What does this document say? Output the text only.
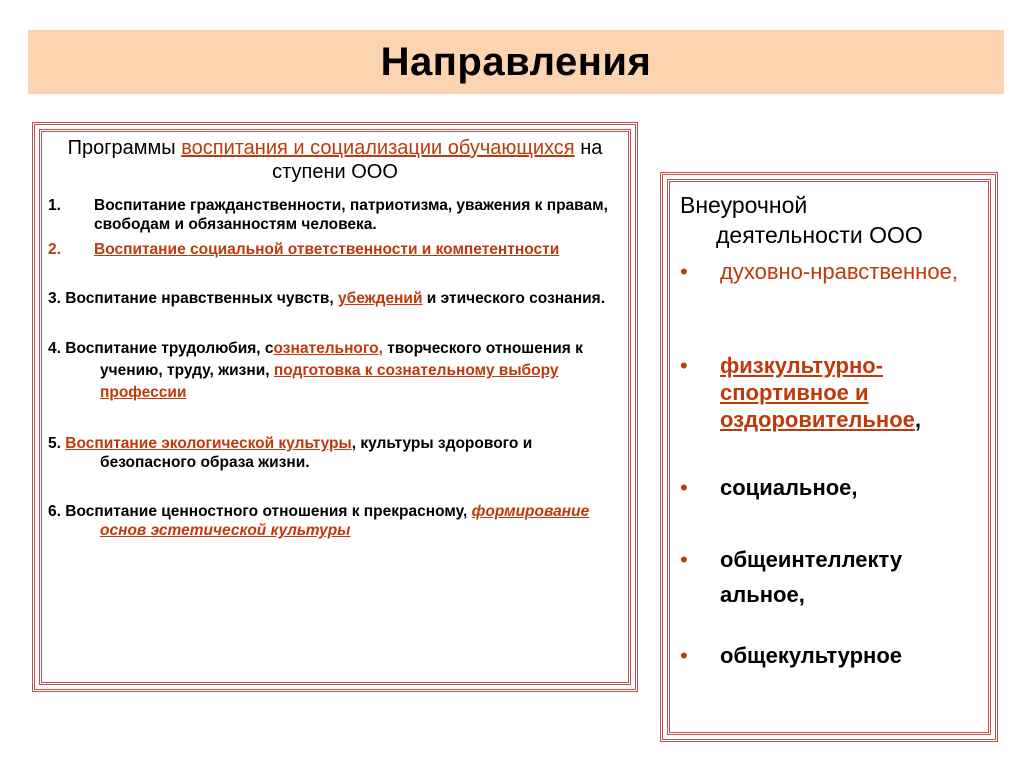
Направления
Программы воспитания и социализации обучающихся на ступени ООО
1. Воспитание гражданственности, патриотизма, уважения к правам, свободам и обязанностям человека.
2. Воспитание социальной ответственности и компетентности
3. Воспитание нравственных чувств, убеждений и этического сознания.
4. Воспитание трудолюбия, сознательного, творческого отношения к учению, труду, жизни, подготовка к сознательному выбору профессии
5. Воспитание экологической культуры, культуры здорового и безопасного образа жизни.
6. Воспитание ценностного отношения к прекрасному, формирование основ эстетической культуры
Внеурочной
деятельности ООО
•	духовно-нравственное,
•	физкультурно-спортивное и оздоровительное,
•	социальное,
•	общеинтеллекту альное,
•	общекультурное
